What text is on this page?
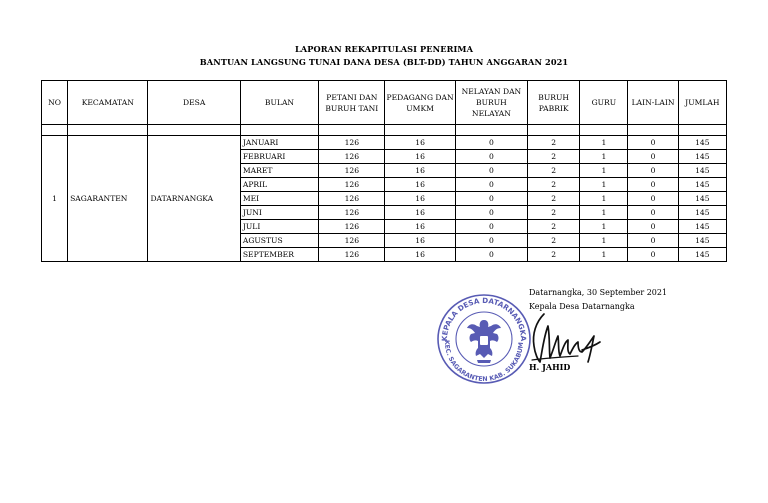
LAPORAN REKAPITULASI PENERIMA
BANTUAN LANGSUNG TUNAI DANA DESA (BLT-DD) TAHUN ANGGARAN 2021
NO	KECAMATAN	DESA	BULAN	PETANI DAN BURUH TANI	PEDAGANG DAN UMKM	NELAYAN DAN BURUH NELAYAN	BURUH PABRIK	GURU	LAIN-LAIN	JUMLAH

1	SAGARANTEN	DATARNANGKA	JANUARI	126	16	0	2	1	0	145
			FEBRUARI	126	16	0	2	1	0	145
			MARET	126	16	0	2	1	0	145
			APRIL	126	16	0	2	1	0	145
			MEI	126	16	0	2	1	0	145
			JUNI	126	16	0	2	1	0	145
			JULI	126	16	0	2	1	0	145
			AGUSTUS	126	16	0	2	1	0	145
			SEPTEMBER	126	16	0	2	1	0	145
KEPALA DESA DATARNANGKA
KEC. SAGARANTEN KAB. SUKABUM
Datarnangka, 30 September 2021
Kepala Desa Datarnangka
H. JAHID
